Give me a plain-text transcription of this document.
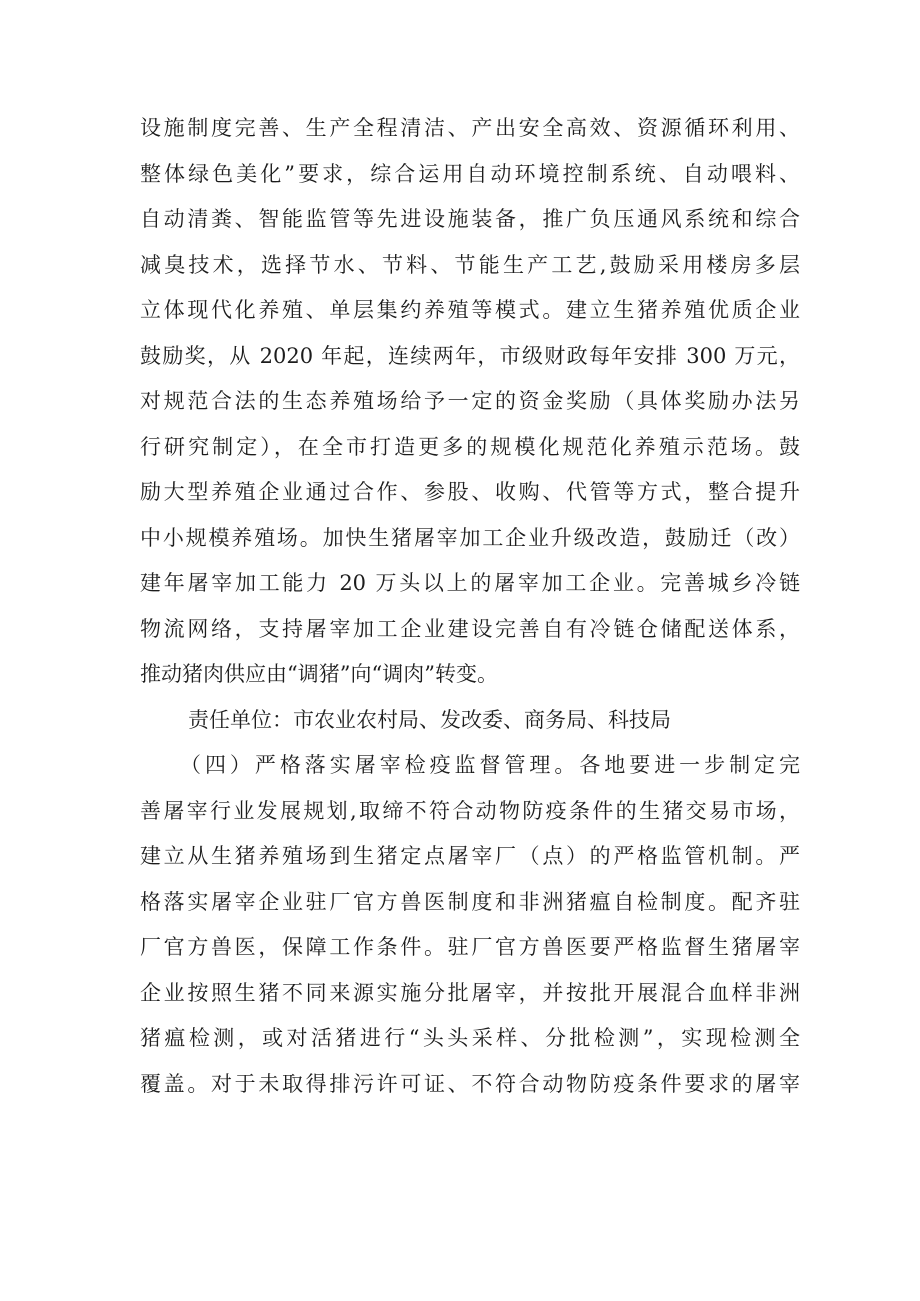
设施制度完善、生产全程清洁、产出安全高效、资源循环利用、
整体绿色美化”要求，综合运用自动环境控制系统、自动喂料、
自动清粪、智能监管等先进设施装备，推广负压通风系统和综合
减臭技术，选择节水、节料、节能生产工艺,鼓励采用楼房多层
立体现代化养殖、单层集约养殖等模式。建立生猪养殖优质企业
鼓励奖，从 2020 年起，连续两年，市级财政每年安排 300 万元，
对规范合法的生态养殖场给予一定的资金奖励（具体奖励办法另
行研究制定），在全市打造更多的规模化规范化养殖示范场。鼓
励大型养殖企业通过合作、参股、收购、代管等方式，整合提升
中小规模养殖场。加快生猪屠宰加工企业升级改造，鼓励迁（改）
建年屠宰加工能力 20 万头以上的屠宰加工企业。完善城乡冷链
物流网络，支持屠宰加工企业建设完善自有冷链仓储配送体系，
推动猪肉供应由“调猪”向“调肉”转变。
责任单位：市农业农村局、发改委、商务局、科技局
（四）严格落实屠宰检疫监督管理。各地要进一步制定完
善屠宰行业发展规划,取缔不符合动物防疫条件的生猪交易市场，
建立从生猪养殖场到生猪定点屠宰厂（点）的严格监管机制。严
格落实屠宰企业驻厂官方兽医制度和非洲猪瘟自检制度。配齐驻
厂官方兽医，保障工作条件。驻厂官方兽医要严格监督生猪屠宰
企业按照生猪不同来源实施分批屠宰，并按批开展混合血样非洲
猪瘟检测，或对活猪进行“头头采样、分批检测”，实现检测全
覆盖。对于未取得排污许可证、不符合动物防疫条件要求的屠宰
